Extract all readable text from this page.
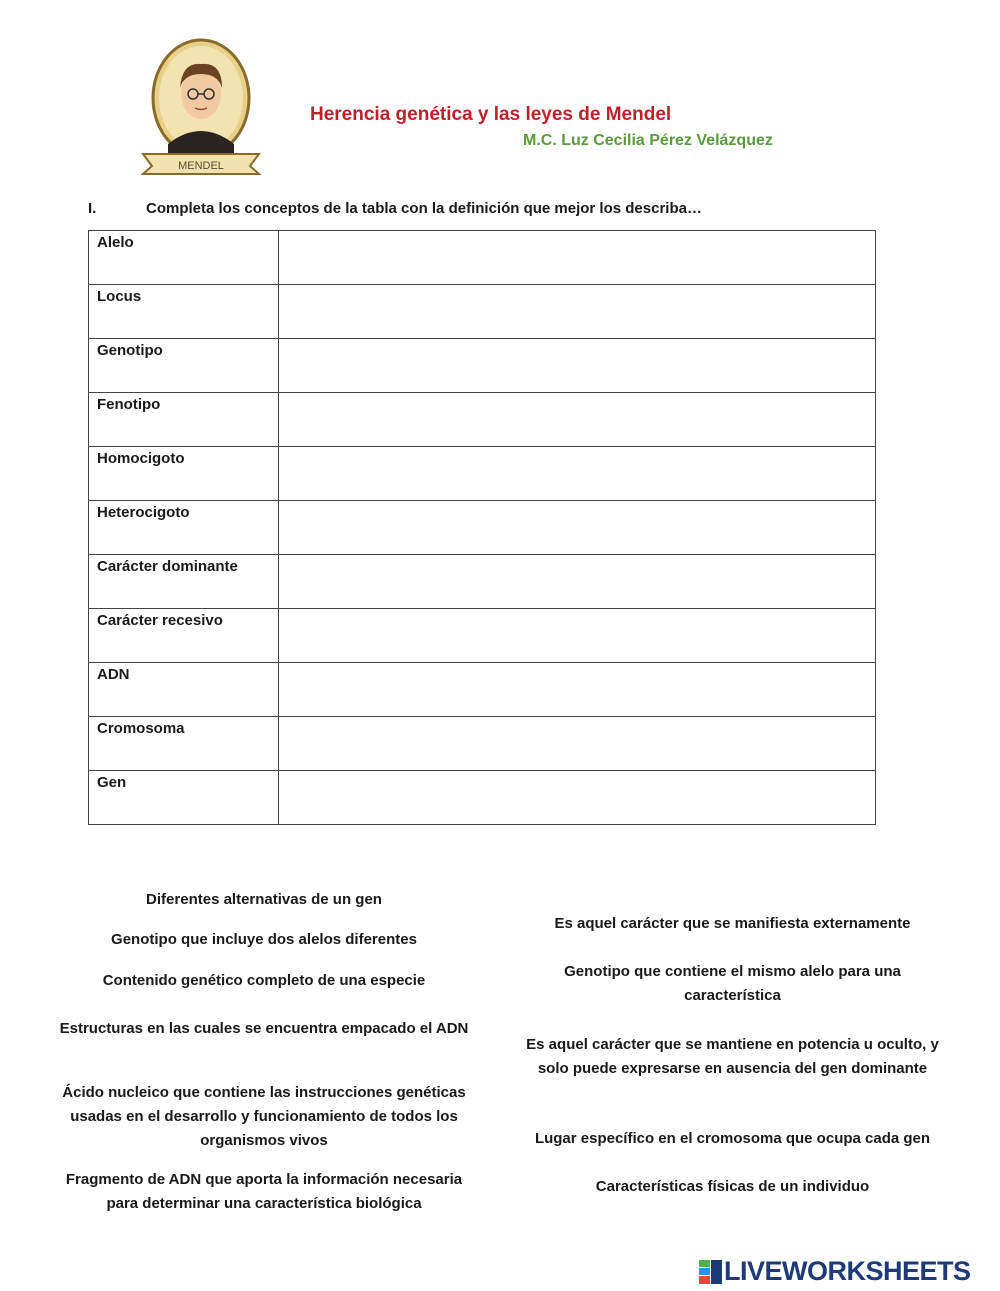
MENDEL
Herencia genética y las leyes de Mendel
M.C. Luz Cecilia Pérez Velázquez
I.	Completa los conceptos de la tabla con la definición que mejor los describa…
Alelo	
Locus	
Genotipo	
Fenotipo	
Homocigoto	
Heterocigoto	
Carácter dominante	
Carácter recesivo	
ADN	
Cromosoma	
Gen	
Diferentes alternativas de un gen
Genotipo que incluye dos alelos diferentes
Contenido genético completo de una especie
Estructuras en las cuales se encuentra empacado el ADN
Ácido nucleico que contiene las instrucciones genéticas usadas en el desarrollo y funcionamiento de todos los organismos vivos
Fragmento de ADN que aporta la información necesaria para determinar una característica biológica
Es aquel carácter que se manifiesta externamente
Genotipo que contiene el mismo alelo para una característica
Es aquel carácter que se mantiene en potencia u oculto, y solo puede expresarse en ausencia del gen dominante
Lugar específico en el cromosoma que ocupa cada gen
Características físicas de un individuo
LIVEWORKSHEETS
